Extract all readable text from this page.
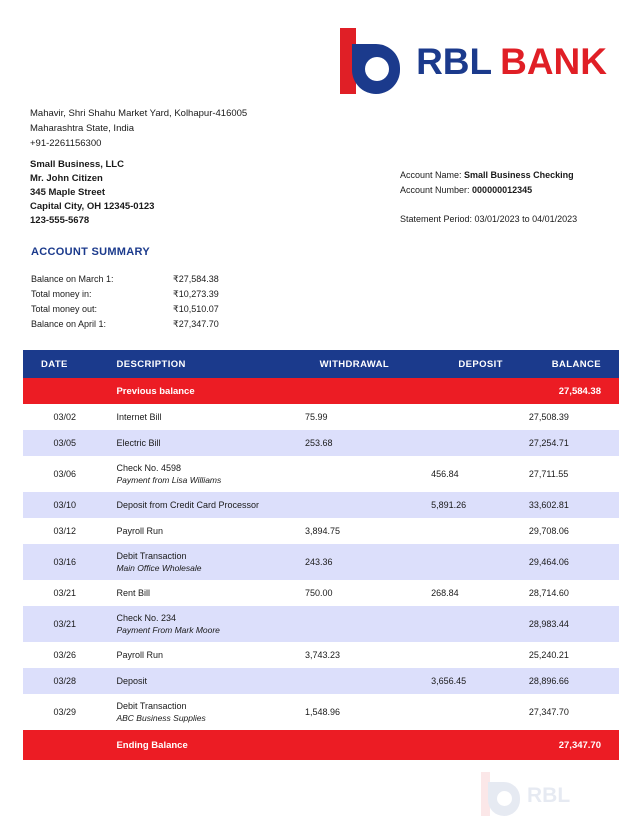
RBL BANK
Mahavir, Shri Shahu Market Yard, Kolhapur-416005
Maharashtra State, India
+91-2261156300
Small Business, LLC
Mr. John Citizen
345 Maple Street
Capital City, OH 12345-0123
123-555-5678
Account Name: Small Business Checking
Account Number: 000000012345
Statement Period: 03/01/2023 to 04/01/2023
ACCOUNT SUMMARY
Balance on March 1:	₹27,584.38
Total money in:	₹10,273.39
Total money out:	₹10,510.07
Balance on April 1:	₹27,347.70
DATE	DESCRIPTION	WITHDRAWAL	DEPOSIT	BALANCE
	Previous balance			27,584.38
03/02	Internet Bill	75.99		27,508.39
03/05	Electric Bill	253.68		27,254.71
03/06	Check No. 4598
Payment from Lisa Williams		456.84	27,711.55
03/10	Deposit from Credit Card Processor		5,891.26	33,602.81
03/12	Payroll Run	3,894.75		29,708.06
03/16	Debit Transaction
Main Office Wholesale	243.36		29,464.06
03/21	Rent Bill	750.00	268.84	28,714.60
03/21	Check No. 234
Payment From Mark Moore			28,983.44
03/26	Payroll Run	3,743.23		25,240.21
03/28	Deposit		3,656.45	28,896.66
03/29	Debit Transaction
ABC Business Supplies	1,548.96		27,347.70
	Ending Balance			27,347.70
RBL
